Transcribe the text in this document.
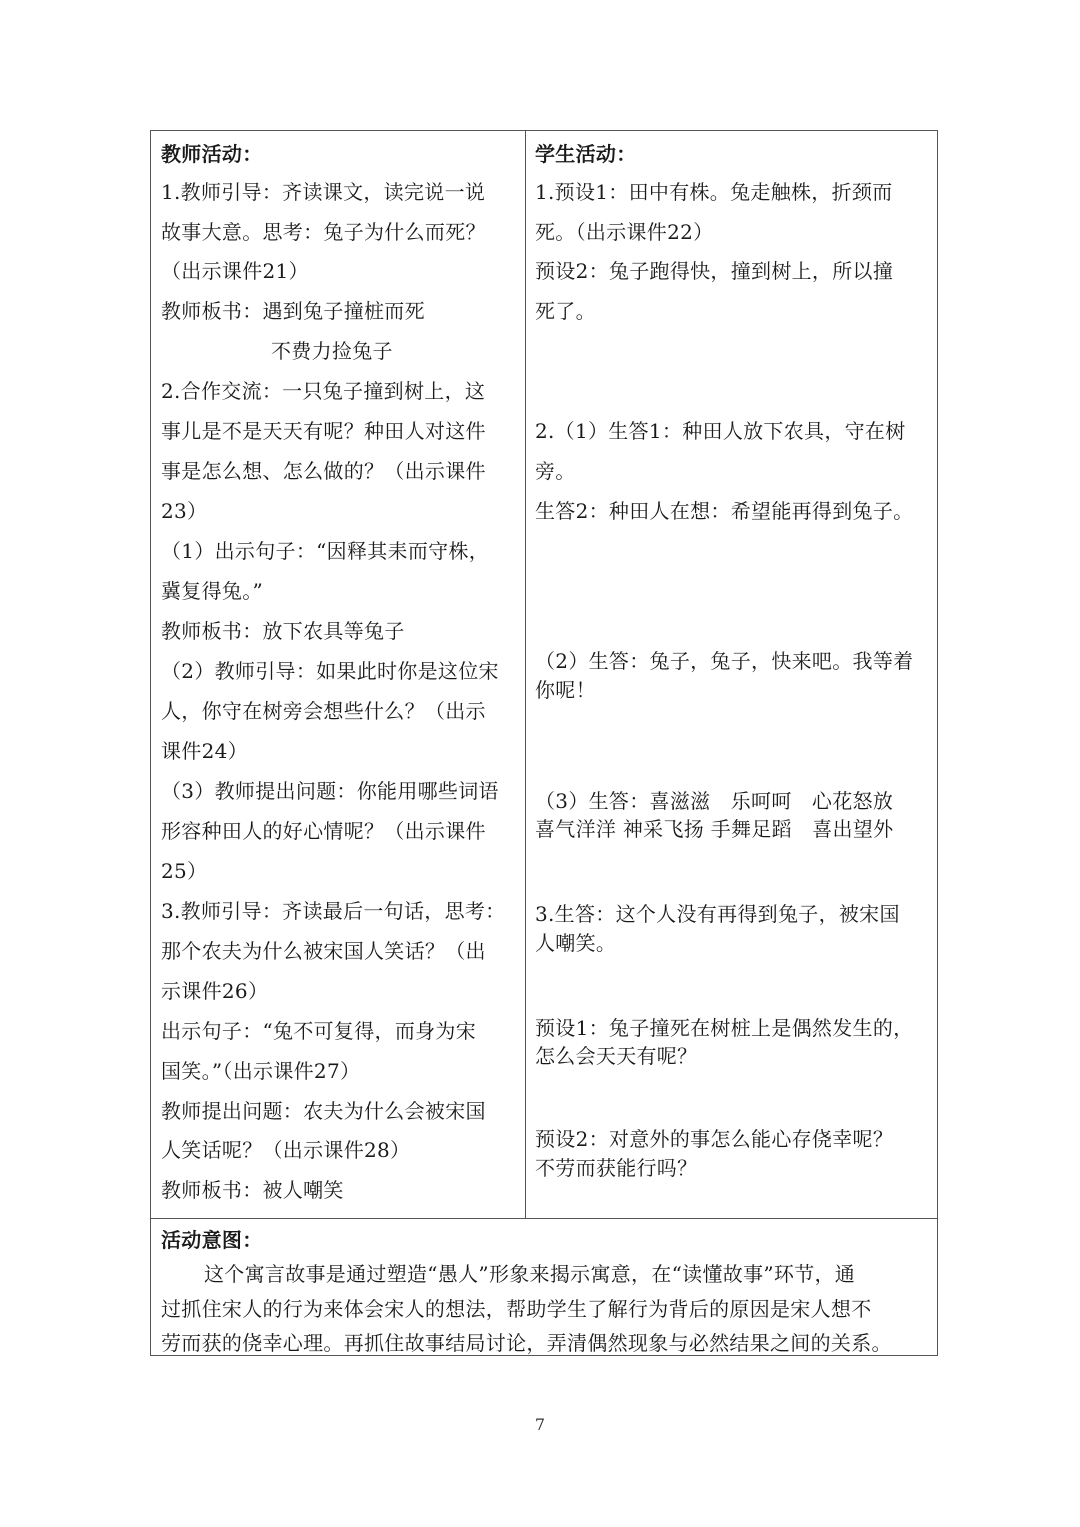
教师活动：
1.教师引导：齐读课文，读完说一说
故事大意。思考：兔子为什么而死？
（出示课件21）
教师板书：遇到兔子撞桩而死
不费力捡兔子
2.合作交流：一只兔子撞到树上，这
事儿是不是天天有呢？种田人对这件
事是怎么想、怎么做的？（出示课件
23）
（1）出示句子：“因释其耒而守株，
冀复得兔。”
教师板书：放下农具等兔子
（2）教师引导：如果此时你是这位宋
人，你守在树旁会想些什么？（出示
课件24）
（3）教师提出问题：你能用哪些词语
形容种田人的好心情呢？（出示课件
25）
3.教师引导：齐读最后一句话，思考：
那个农夫为什么被宋国人笑话？（出
示课件26）
出示句子：“兔不可复得，而身为宋
国笑。”（出示课件27）
教师提出问题：农夫为什么会被宋国
人笑话呢？（出示课件28）
教师板书：被人嘲笑
学生活动：
1.预设1：田中有株。兔走触株，折颈而
死。（出示课件22）
预设2：兔子跑得快，撞到树上，所以撞
死了。
2.（1）生答1：种田人放下农具，守在树
旁。
生答2：种田人在想：希望能再得到兔子。
（2）生答：兔子，兔子，快来吧。我等着
你呢！
（3）生答：喜滋滋　乐呵呵　心花怒放
喜气洋洋 神采飞扬 手舞足蹈　喜出望外
3.生答：这个人没有再得到兔子，被宋国
人嘲笑。
预设1：兔子撞死在树桩上是偶然发生的，
怎么会天天有呢？
预设2：对意外的事怎么能心存侥幸呢？
不劳而获能行吗？
活动意图：
这个寓言故事是通过塑造“愚人”形象来揭示寓意，在“读懂故事”环节，通
过抓住宋人的行为来体会宋人的想法，帮助学生了解行为背后的原因是宋人想不
劳而获的侥幸心理。再抓住故事结局讨论，弄清偶然现象与必然结果之间的关系。
7
